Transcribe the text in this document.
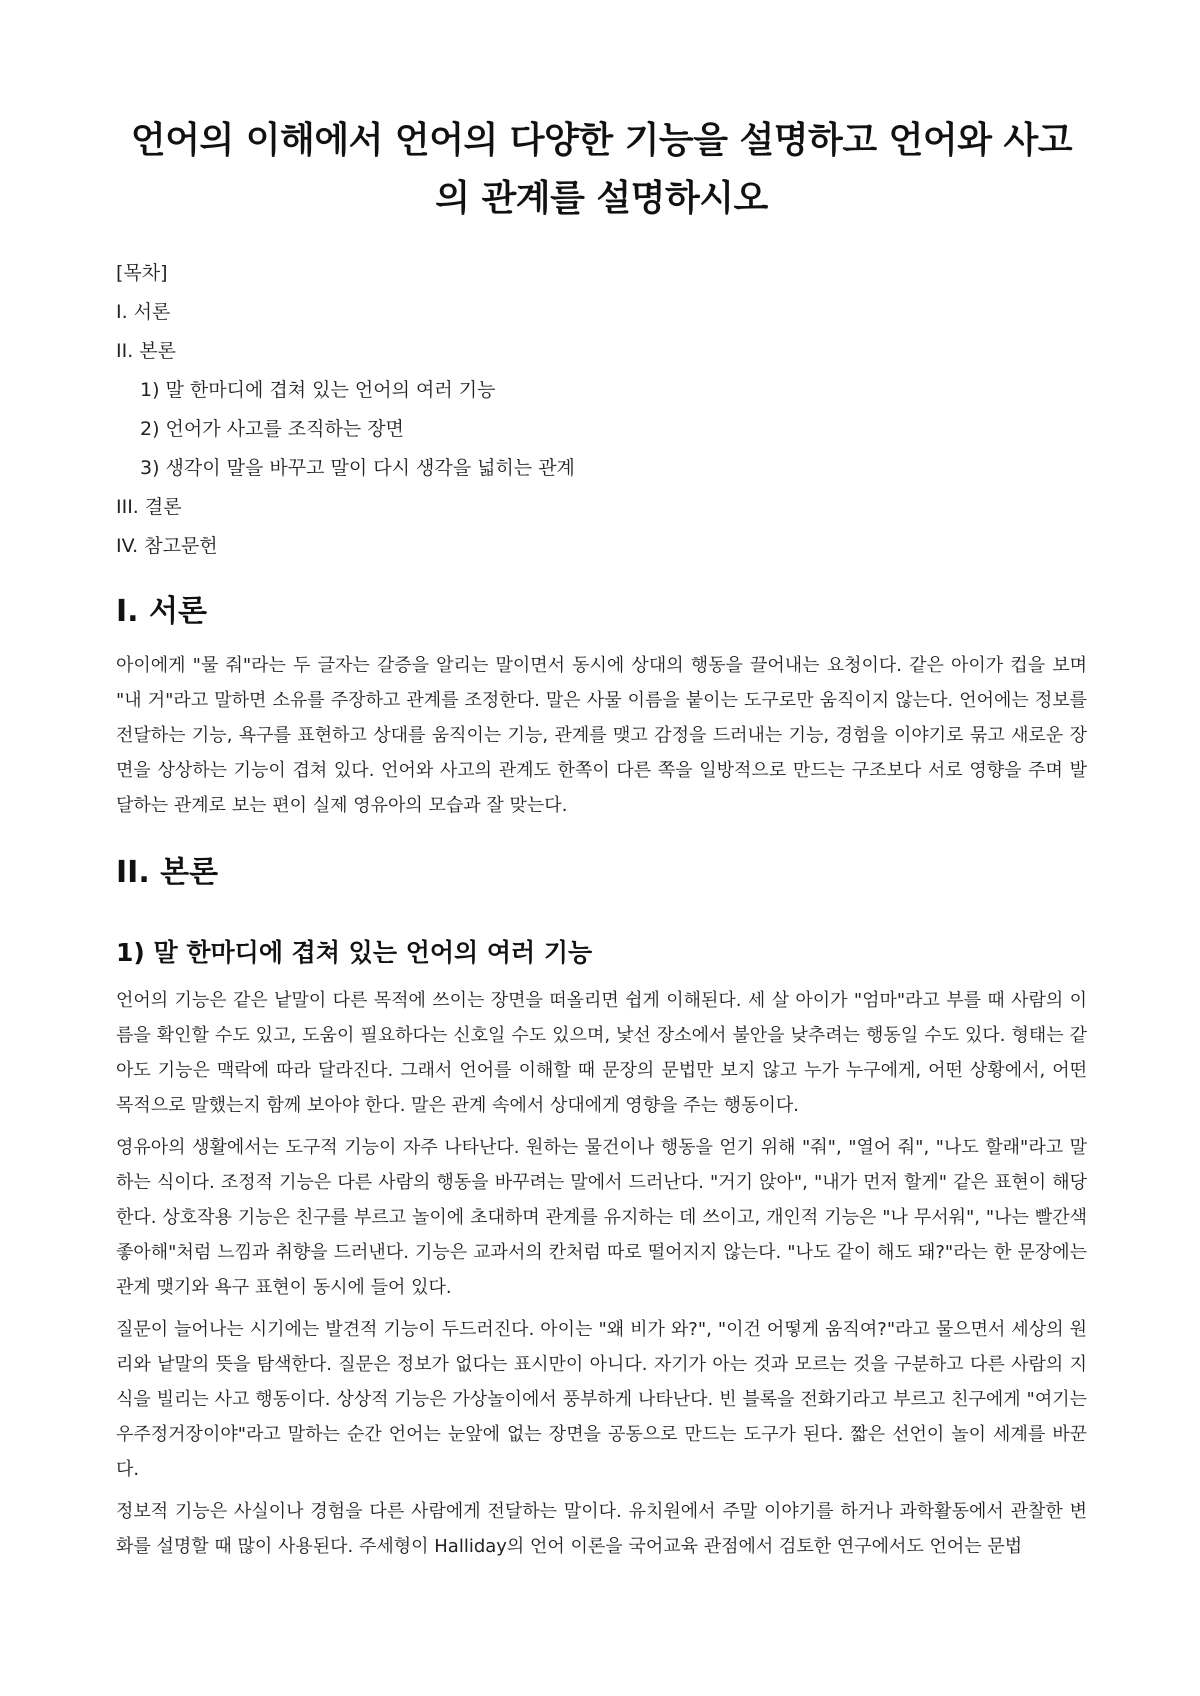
언어의 이해에서 언어의 다양한 기능을 설명하고 언어와 사고의 관계를 설명하시오
[목차]
I. 서론
II. 본론
1) 말 한마디에 겹쳐 있는 언어의 여러 기능
2) 언어가 사고를 조직하는 장면
3) 생각이 말을 바꾸고 말이 다시 생각을 넓히는 관계
III. 결론
IV. 참고문헌
I. 서론

아이에게 "물 줘"라는 두 글자는 갈증을 알리는 말이면서 동시에 상대의 행동을 끌어내는 요청이다. 같은 아이가 컵을 보며 "내 거"라고 말하면 소유를 주장하고 관계를 조정한다. 말은 사물 이름을 붙이는 도구로만 움직이지 않는다. 언어에는 정보를 전달하는 기능, 욕구를 표현하고 상대를 움직이는 기능, 관계를 맺고 감정을 드러내는 기능, 경험을 이야기로 묶고 새로운 장면을 상상하는 기능이 겹쳐 있다. 언어와 사고의 관계도 한쪽이 다른 쪽을 일방적으로 만드는 구조보다 서로 영향을 주며 발달하는 관계로 보는 편이 실제 영유아의 모습과 잘 맞는다.

II. 본론
1) 말 한마디에 겹쳐 있는 언어의 여러 기능

언어의 기능은 같은 낱말이 다른 목적에 쓰이는 장면을 떠올리면 쉽게 이해된다. 세 살 아이가 "엄마"라고 부를 때 사람의 이름을 확인할 수도 있고, 도움이 필요하다는 신호일 수도 있으며, 낯선 장소에서 불안을 낮추려는 행동일 수도 있다. 형태는 같아도 기능은 맥락에 따라 달라진다. 그래서 언어를 이해할 때 문장의 문법만 보지 않고 누가 누구에게, 어떤 상황에서, 어떤 목적으로 말했는지 함께 보아야 한다. 말은 관계 속에서 상대에게 영향을 주는 행동이다.

영유아의 생활에서는 도구적 기능이 자주 나타난다. 원하는 물건이나 행동을 얻기 위해 "줘", "열어 줘", "나도 할래"라고 말하는 식이다. 조정적 기능은 다른 사람의 행동을 바꾸려는 말에서 드러난다. "거기 앉아", "내가 먼저 할게" 같은 표현이 해당한다. 상호작용 기능은 친구를 부르고 놀이에 초대하며 관계를 유지하는 데 쓰이고, 개인적 기능은 "나 무서워", "나는 빨간색 좋아해"처럼 느낌과 취향을 드러낸다. 기능은 교과서의 칸처럼 따로 떨어지지 않는다. "나도 같이 해도 돼?"라는 한 문장에는 관계 맺기와 욕구 표현이 동시에 들어 있다.

질문이 늘어나는 시기에는 발견적 기능이 두드러진다. 아이는 "왜 비가 와?", "이건 어떻게 움직여?"라고 물으면서 세상의 원리와 낱말의 뜻을 탐색한다. 질문은 정보가 없다는 표시만이 아니다. 자기가 아는 것과 모르는 것을 구분하고 다른 사람의 지식을 빌리는 사고 행동이다. 상상적 기능은 가상놀이에서 풍부하게 나타난다. 빈 블록을 전화기라고 부르고 친구에게 "여기는 우주정거장이야"라고 말하는 순간 언어는 눈앞에 없는 장면을 공동으로 만드는 도구가 된다. 짧은 선언이 놀이 세계를 바꾼다.

정보적 기능은 사실이나 경험을 다른 사람에게 전달하는 말이다. 유치원에서 주말 이야기를 하거나 과학활동에서 관찰한 변화를 설명할 때 많이 사용된다. 주세형이 Halliday의 언어 이론을 국어교육 관점에서 검토한 연구에서도 언어는 문법
